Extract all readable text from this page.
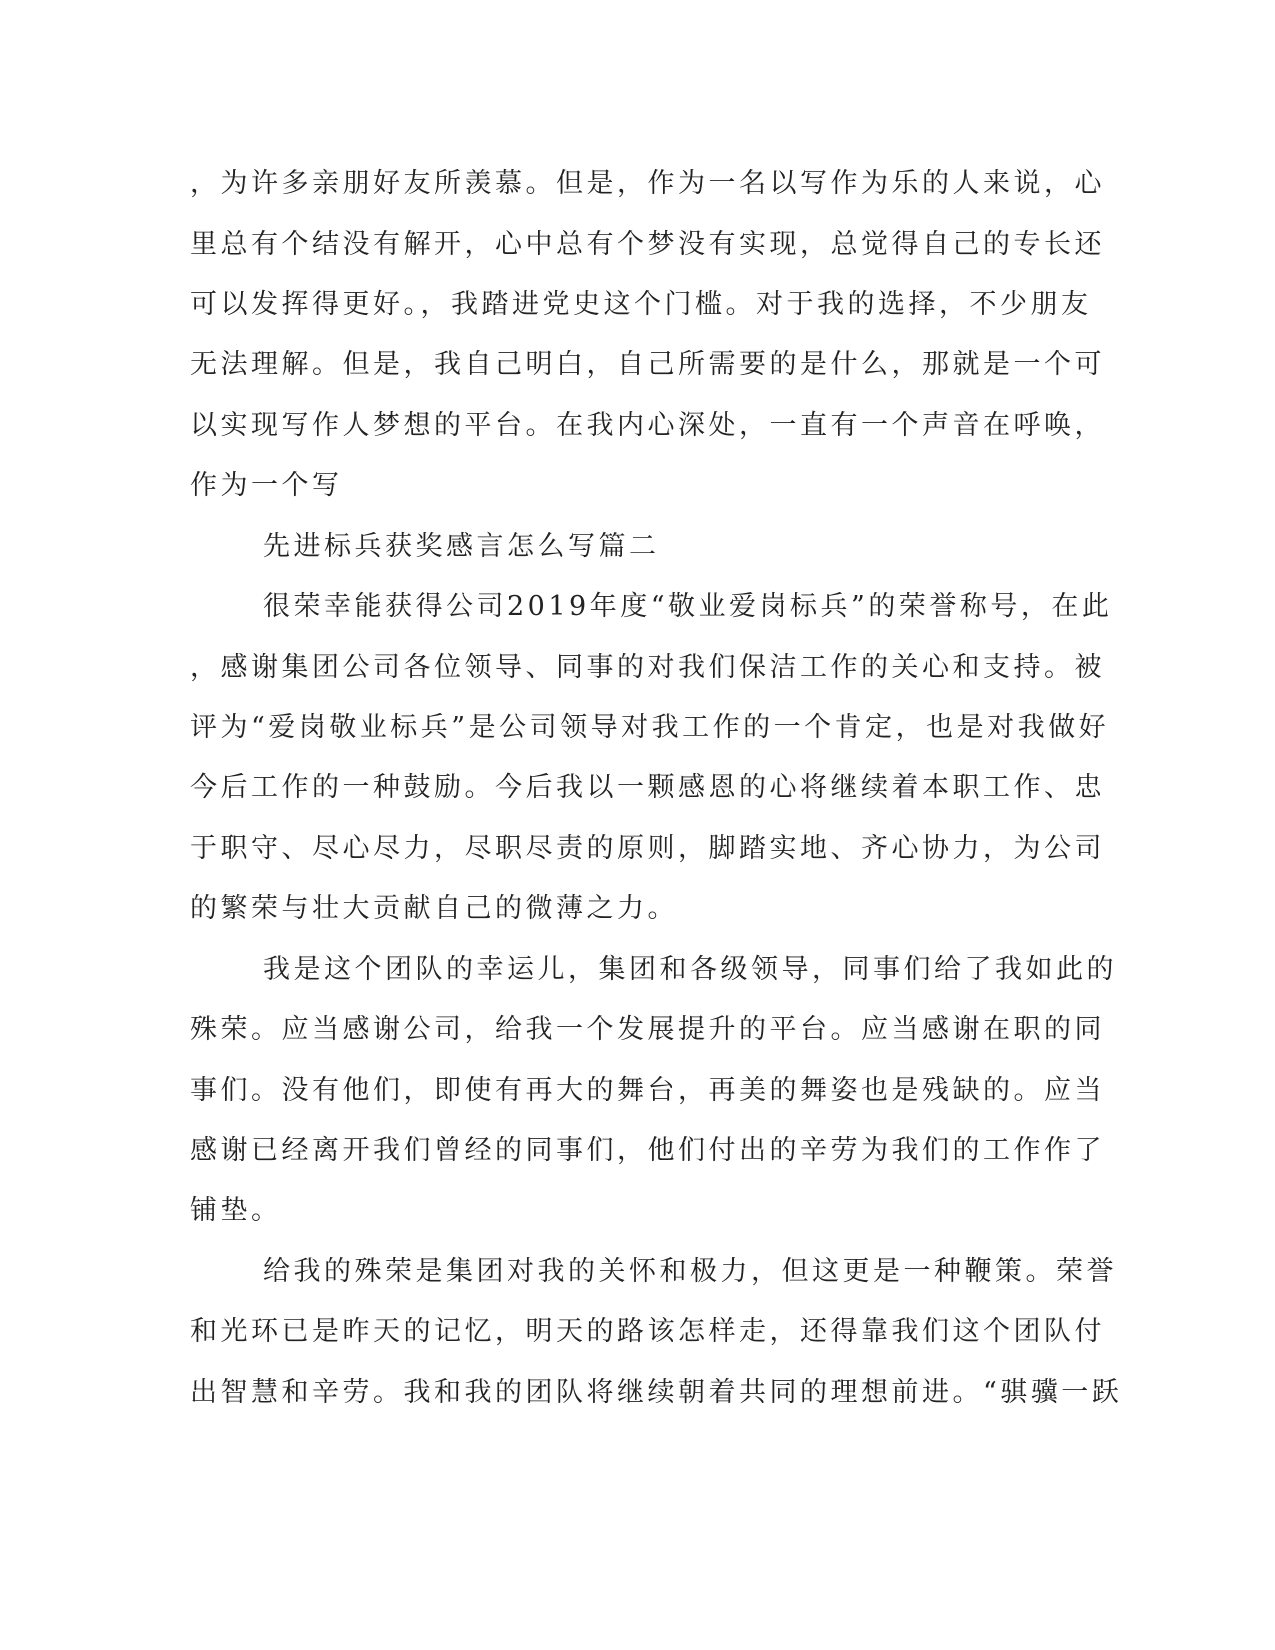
，为许多亲朋好友所羡慕。但是，作为一名以写作为乐的人来说，心
里总有个结没有解开，心中总有个梦没有实现，总觉得自己的专长还
可以发挥得更好。，我踏进党史这个门槛。对于我的选择，不少朋友
无法理解。但是，我自己明白，自己所需要的是什么，那就是一个可
以实现写作人梦想的平台。在我内心深处，一直有一个声音在呼唤，
作为一个写
先进标兵获奖感言怎么写篇二
很荣幸能获得公司2019年度“敬业爱岗标兵”的荣誉称号，在此
，感谢集团公司各位领导、同事的对我们保洁工作的关心和支持。被
评为“爱岗敬业标兵”是公司领导对我工作的一个肯定，也是对我做好
今后工作的一种鼓励。今后我以一颗感恩的心将继续着本职工作、忠
于职守、尽心尽力，尽职尽责的原则，脚踏实地、齐心协力，为公司
的繁荣与壮大贡献自己的微薄之力。
我是这个团队的幸运儿，集团和各级领导，同事们给了我如此的
殊荣。应当感谢公司，给我一个发展提升的平台。应当感谢在职的同
事们。没有他们，即使有再大的舞台，再美的舞姿也是残缺的。应当
感谢已经离开我们曾经的同事们，他们付出的辛劳为我们的工作作了
铺垫。
给我的殊荣是集团对我的关怀和极力，但这更是一种鞭策。荣誉
和光环已是昨天的记忆，明天的路该怎样走，还得靠我们这个团队付
出智慧和辛劳。我和我的团队将继续朝着共同的理想前进。“骐骥一跃
